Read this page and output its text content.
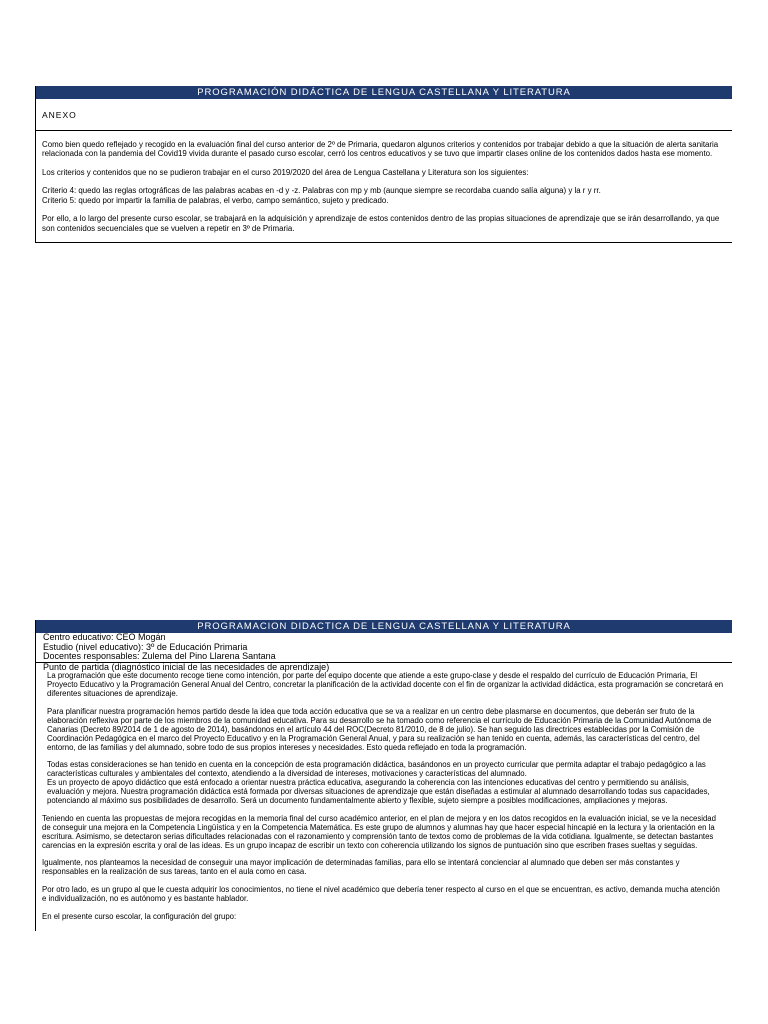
PROGRAMACIÓN DIDÁCTICA DE LENGUA CASTELLANA Y LITERATURA
ANEXO

Como bien quedo reflejado y recogido en la evaluación final del curso anterior de 2º de Primaria, quedaron algunos criterios y contenidos por trabajar debido a que la situación de alerta sanitaria relacionada con la pandemia del Covid19 vivida durante el pasado curso escolar, cerró los centros educativos y se tuvo que impartir clases online de los contenidos dados hasta ese momento.

Los criterios y contenidos que no se pudieron trabajar en el curso 2019/2020 del área de Lengua Castellana y Literatura son los siguientes:

Criterio 4: quedo las reglas ortográficas de las palabras acabas en -d y -z. Palabras con mp y mb (aunque siempre se recordaba cuando salía alguna) y la r y rr.

Criterio 5: quedo por impartir la familia de palabras, el verbo, campo semántico, sujeto y predicado.

Por ello, a lo largo del presente curso escolar, se trabajará en la adquisición y aprendizaje de estos contenidos dentro de las propias situaciones de aprendizaje que se irán desarrollando, ya que son contenidos secuenciales que se vuelven a repetir en 3º de Primaria.

PROGRAMACION DIDACTICA DE LENGUA CASTELLANA Y LITERATURA
Centro educativo: CEO Mogán
Estudio (nivel educativo): 3º de Educación Primaria
Docentes responsables: Zulema del Pino Llarena Santana
Punto de partida (diagnóstico inicial de las necesidades de aprendizaje)

La programación que este documento recoge tiene como intención, por parte del equipo docente que atiende a este grupo-clase y desde el respaldo del currículo de Educación Primaria, El Proyecto Educativo y la Programación General Anual del Centro, concretar la planificación de la actividad docente con el fin de organizar la actividad didáctica, esta programación se concretará en diferentes situaciones de aprendizaje.

Para planificar nuestra programación hemos partido desde la idea que toda acción educativa que se va a realizar en un centro debe plasmarse en documentos, que deberán ser fruto de la elaboración reflexiva por parte de los miembros de la comunidad educativa. Para su desarrollo se ha tomado como referencia el currículo de Educación Primaria de la Comunidad Autónoma de Canarias (Decreto 89/2014 de 1 de agosto de 2014), basándonos en el artículo 44 del ROC(Decreto 81/2010, de 8 de julio). Se han seguido las directrices establecidas por la Comisión de Coordinación Pedagógica en el marco del Proyecto Educativo y en la Programación General Anual, y para su realización se han tenido en cuenta, además, las características del centro, del entorno, de las familias y del alumnado, sobre todo de sus propios intereses y necesidades. Esto queda reflejado en toda la programación.

Todas estas consideraciones se han tenido en cuenta en la concepción de esta programación didáctica, basándonos en un proyecto curricular que permita adaptar el trabajo pedagógico a las características culturales y ambientales del contexto, atendiendo a la diversidad de intereses, motivaciones y características del alumnado.

Es un proyecto de apoyo didáctico que está enfocado a orientar nuestra práctica educativa, asegurando la coherencia con las intenciones educativas del centro y permitiendo su análisis, evaluación y mejora. Nuestra programación didáctica está formada por diversas situaciones de aprendizaje que están diseñadas a estimular al alumnado desarrollando todas sus capacidades, potenciando al máximo sus posibilidades de desarrollo. Será un documento fundamentalmente abierto y flexible, sujeto siempre a posibles modificaciones, ampliaciones y mejoras.

Teniendo en cuenta las propuestas de mejora recogidas en la memoria final del curso académico anterior, en el plan de mejora y en los datos recogidos en la evaluación inicial, se ve la necesidad de conseguir una mejora en la Competencia Lingüística y en la Competencia Matemática. Es este grupo de alumnos y alumnas hay que hacer especial hincapié en la lectura y la orientación en la escritura. Asimismo, se detectaron serias dificultades relacionadas con el razonamiento y comprensión tanto de textos como de problemas de la vida cotidiana. Igualmente, se detectan bastantes carencias en la expresión escrita y oral de las ideas. Es un grupo incapaz de escribir un texto con coherencia utilizando los signos de puntuación sino que escriben frases sueltas y seguidas.

Igualmente, nos planteamos la necesidad de conseguir una mayor implicación de determinadas familias, para ello se intentará concienciar al alumnado que deben ser más constantes y responsables en la realización de sus tareas, tanto en el aula como en casa.

Por otro lado, es un grupo al que le cuesta adquirir los conocimientos, no tiene el nivel académico que debería tener respecto al curso en el que se encuentran, es activo, demanda mucha atención e individualización, no es autónomo y es bastante hablador.

En el presente curso escolar, la configuración del grupo:
